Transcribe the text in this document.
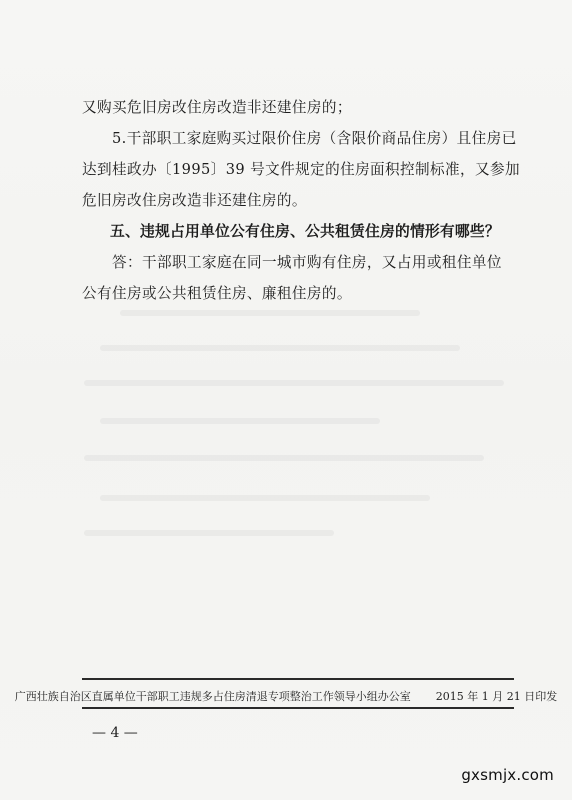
又购买危旧房改住房改造非还建住房的；
5.干部职工家庭购买过限价住房（含限价商品住房）且住房已
达到桂政办〔1995〕39 号文件规定的住房面积控制标准，又参加
危旧房改住房改造非还建住房的。
五、违规占用单位公有住房、公共租赁住房的情形有哪些？
答：干部职工家庭在同一城市购有住房，又占用或租住单位
公有住房或公共租赁住房、廉租住房的。
广西壮族自治区直属单位干部职工违规多占住房清退专项整治工作领导小组办公室 2015 年 1 月 21 日印发
— 4 —
gxsmjx.com
